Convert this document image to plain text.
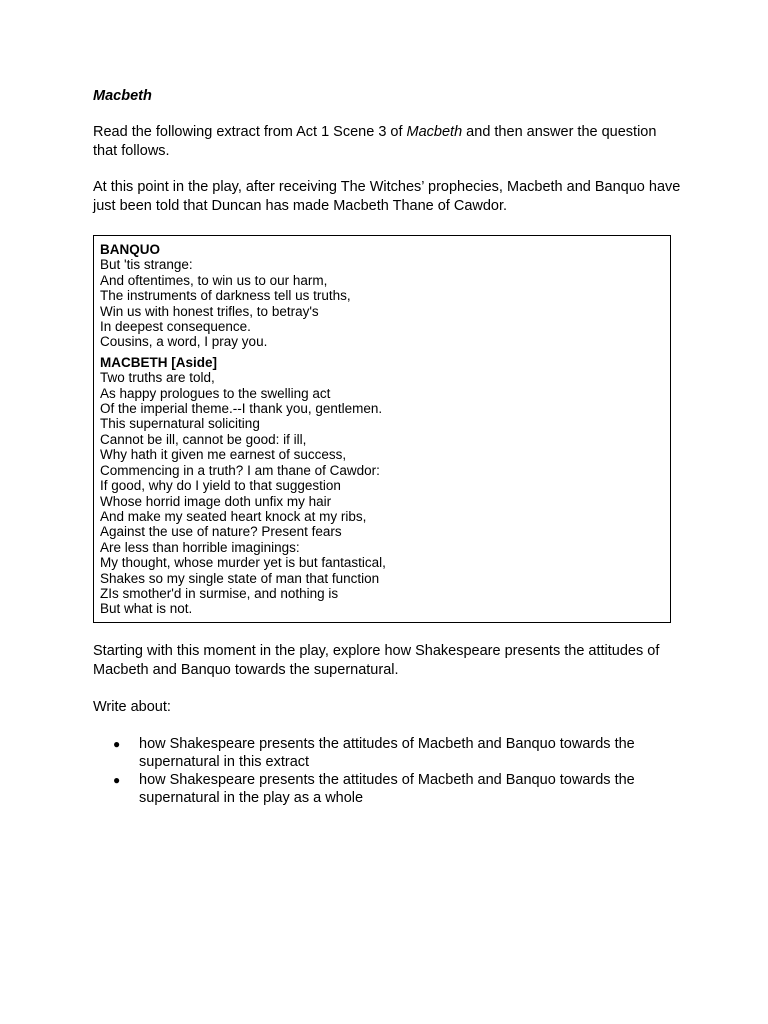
Macbeth
Read the following extract from Act 1 Scene 3 of Macbeth and then answer the question that follows.
At this point in the play, after receiving The Witches’ prophecies, Macbeth and Banquo have just been told that Duncan has made Macbeth Thane of Cawdor.
BANQUO
But 'tis strange:
And oftentimes, to win us to our harm,
The instruments of darkness tell us truths,
Win us with honest trifles, to betray's
In deepest consequence.
Cousins, a word, I pray you.
MACBETH [Aside]
Two truths are told,
As happy prologues to the swelling act
Of the imperial theme.--I thank you, gentlemen.
This supernatural soliciting
Cannot be ill, cannot be good: if ill,
Why hath it given me earnest of success,
Commencing in a truth? I am thane of Cawdor:
If good, why do I yield to that suggestion
Whose horrid image doth unfix my hair
And make my seated heart knock at my ribs,
Against the use of nature? Present fears
Are less than horrible imaginings:
My thought, whose murder yet is but fantastical,
Shakes so my single state of man that function
ZIs smother'd in surmise, and nothing is
But what is not.
Starting with this moment in the play, explore how Shakespeare presents the attitudes of Macbeth and Banquo towards the supernatural.
Write about:
● how Shakespeare presents the attitudes of Macbeth and Banquo towards the supernatural in this extract
● how Shakespeare presents the attitudes of Macbeth and Banquo towards the supernatural in the play as a whole
